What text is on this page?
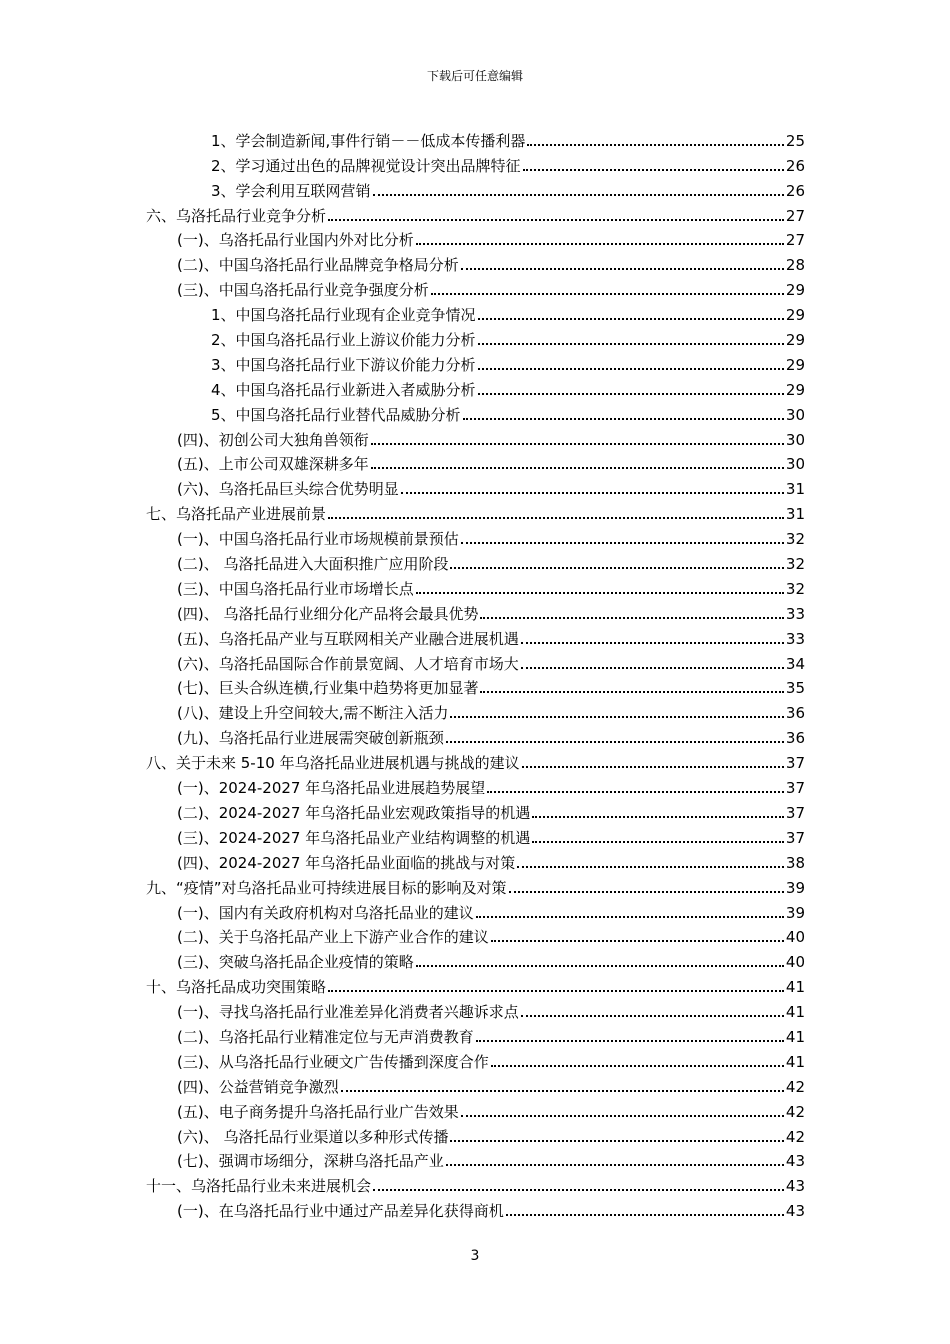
下载后可任意编辑
1、学会制造新闻,事件行销－－低成本传播利器	25
2、学习通过出色的品牌视觉设计突出品牌特征	26
3、学会利用互联网营销	26
六、乌洛托品行业竞争分析	27
(一)、乌洛托品行业国内外对比分析	27
(二)、中国乌洛托品行业品牌竞争格局分析	28
(三)、中国乌洛托品行业竞争强度分析	29
1、中国乌洛托品行业现有企业竞争情况	29
2、中国乌洛托品行业上游议价能力分析	29
3、中国乌洛托品行业下游议价能力分析	29
4、中国乌洛托品行业新进入者威胁分析	29
5、中国乌洛托品行业替代品威胁分析	30
(四)、初创公司大独角兽领衔	30
(五)、上市公司双雄深耕多年	30
(六)、乌洛托品巨头综合优势明显	31
七、乌洛托品产业进展前景	31
(一)、中国乌洛托品行业市场规模前景预估	32
(二)、 乌洛托品进入大面积推广应用阶段	32
(三)、中国乌洛托品行业市场增长点	32
(四)、 乌洛托品行业细分化产品将会最具优势	33
(五)、乌洛托品产业与互联网相关产业融合进展机遇	33
(六)、乌洛托品国际合作前景宽阔、人才培育市场大	34
(七)、巨头合纵连横,行业集中趋势将更加显著	35
(八)、建设上升空间较大,需不断注入活力	36
(九)、乌洛托品行业进展需突破创新瓶颈	36
八、关于未来 5-10 年乌洛托品业进展机遇与挑战的建议	37
(一)、2024-2027 年乌洛托品业进展趋势展望	37
(二)、2024-2027 年乌洛托品业宏观政策指导的机遇	37
(三)、2024-2027 年乌洛托品业产业结构调整的机遇	37
(四)、2024-2027 年乌洛托品业面临的挑战与对策	38
九、“疫情”对乌洛托品业可持续进展目标的影响及对策	39
(一)、国内有关政府机构对乌洛托品业的建议	39
(二)、关于乌洛托品产业上下游产业合作的建议	40
(三)、突破乌洛托品企业疫情的策略	40
十、乌洛托品成功突围策略	41
(一)、寻找乌洛托品行业准差异化消费者兴趣诉求点	41
(二)、乌洛托品行业精准定位与无声消费教育	41
(三)、从乌洛托品行业硬文广告传播到深度合作	41
(四)、公益营销竞争激烈	42
(五)、电子商务提升乌洛托品行业广告效果	42
(六)、 乌洛托品行业渠道以多种形式传播	42
(七)、强调市场细分，深耕乌洛托品产业	43
十一、乌洛托品行业未来进展机会	43
(一)、在乌洛托品行业中通过产品差异化获得商机	43
3
